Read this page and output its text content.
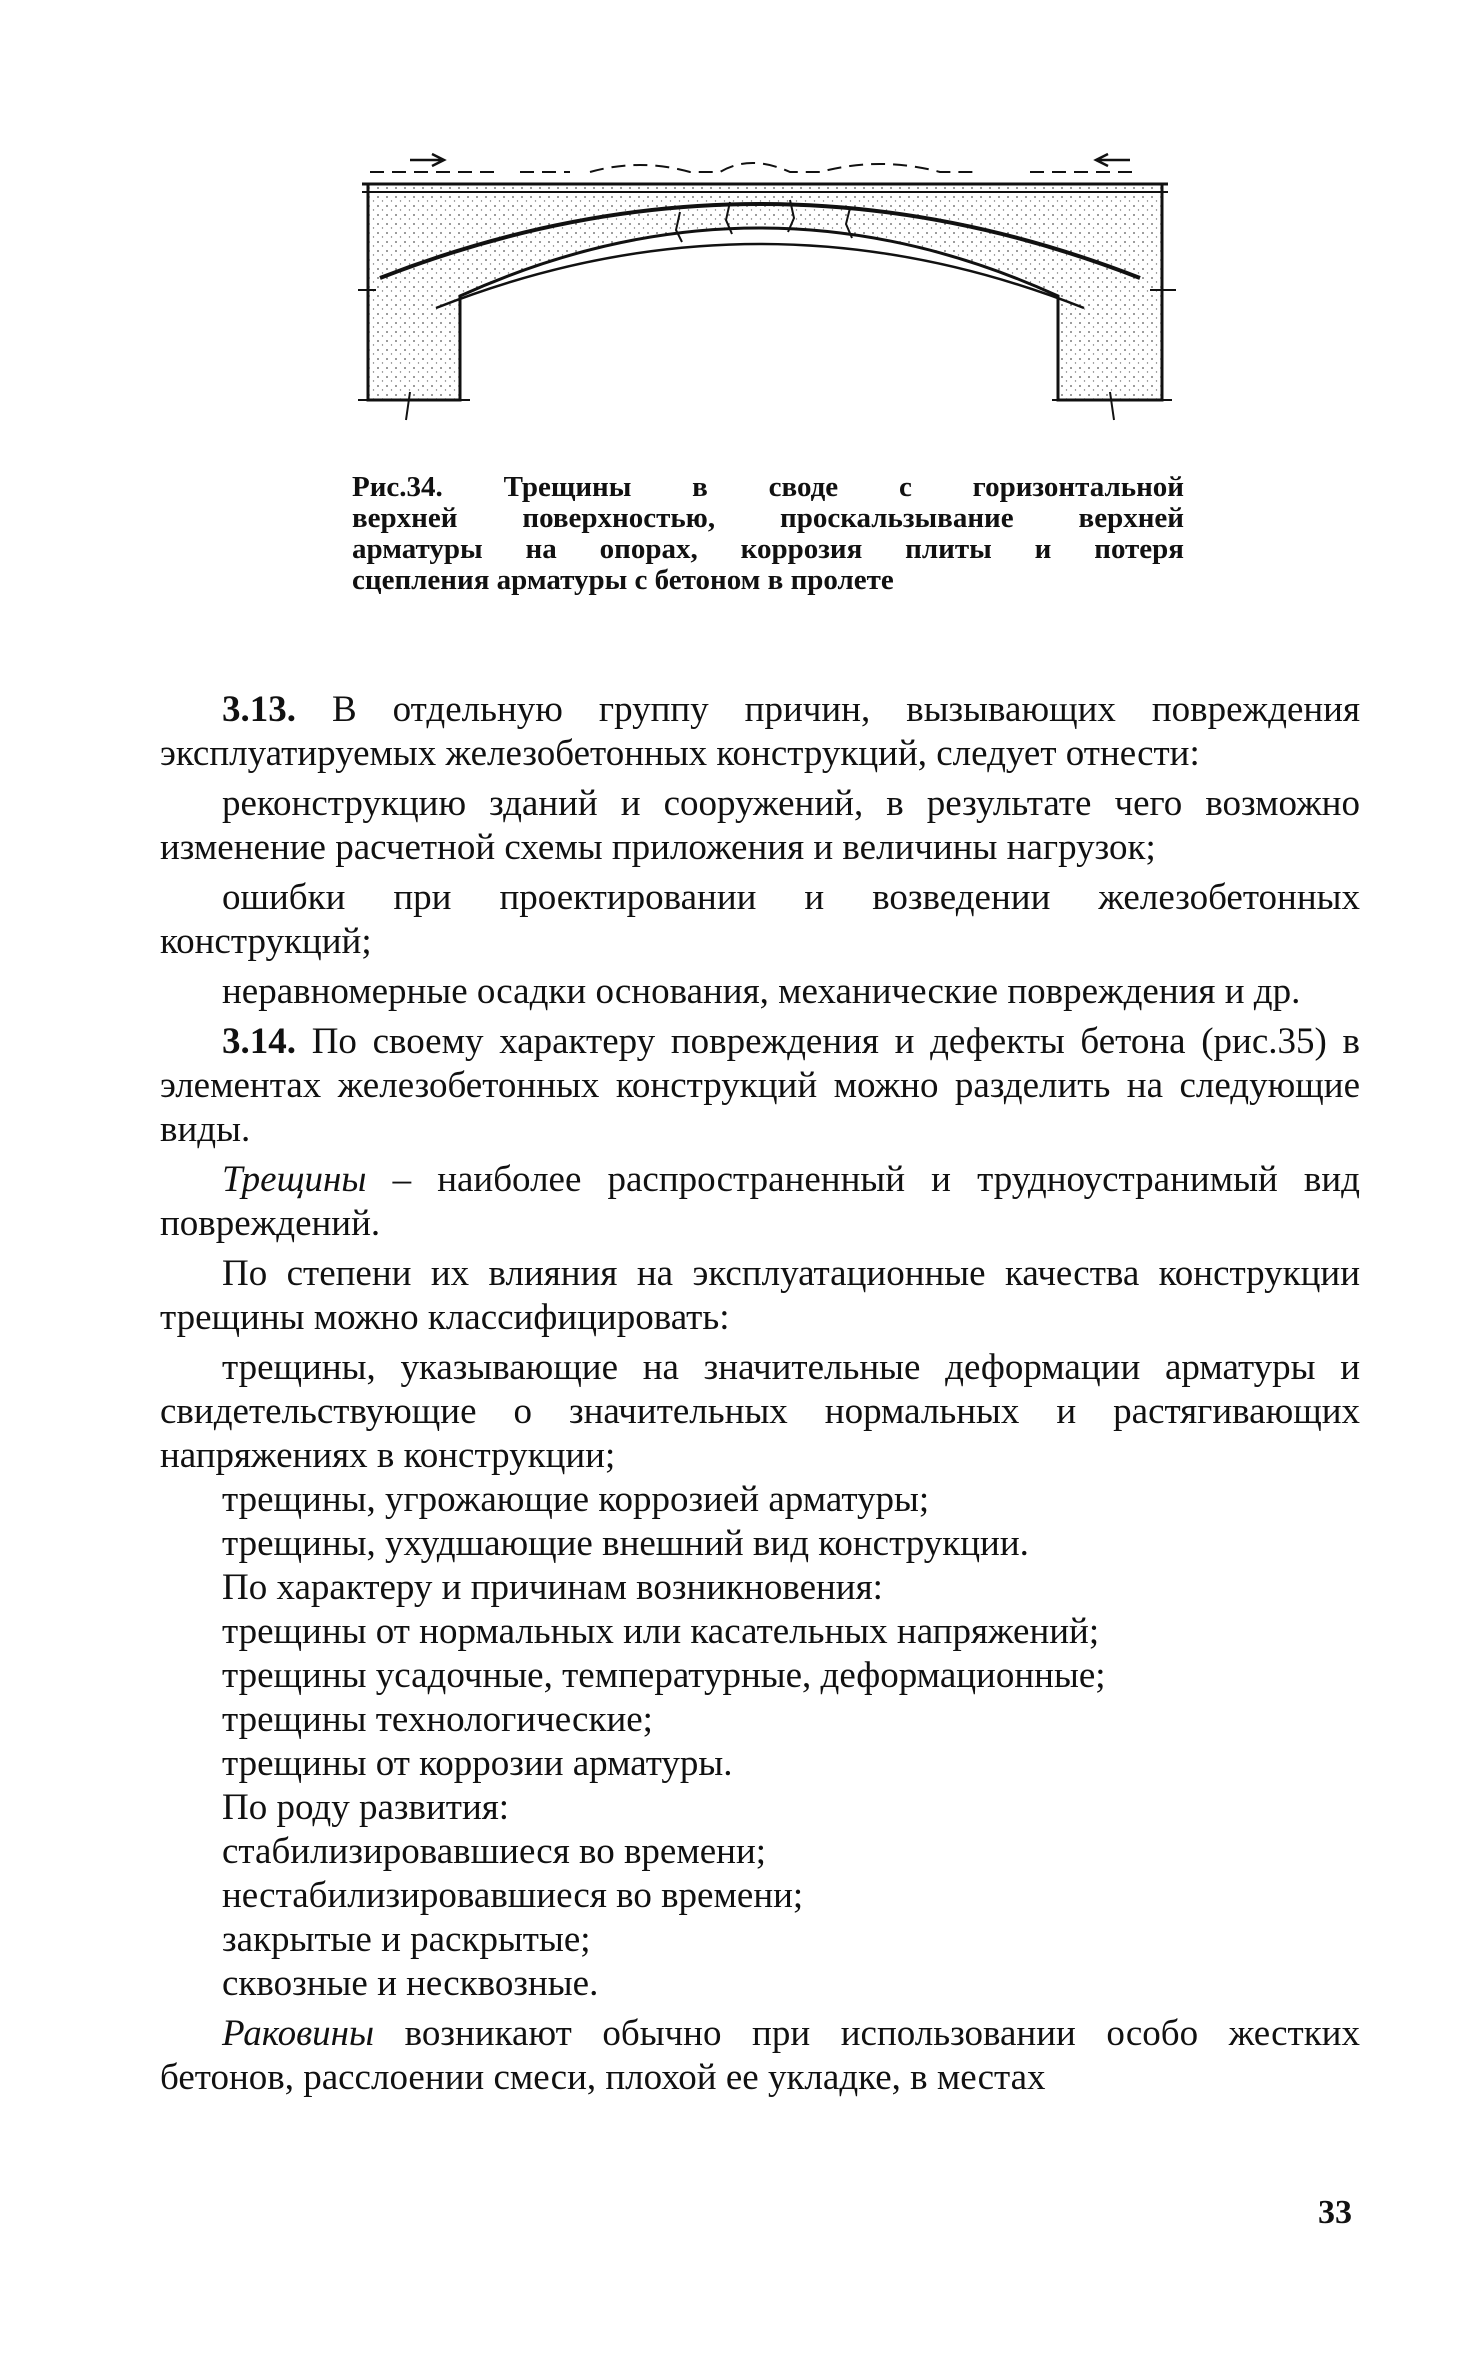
Рис.34. Трещины в своде с горизонтальной
верхней поверхностью, проскальзывание верхней
арматуры на опорах, коррозия плиты и потеря
сцепления арматуры с бетоном в пролете

3.13. В отдельную группу причин, вызывающих повреждения эксплуатируемых железобетонных конструкций, следует отнести:

реконструкцию зданий и сооружений, в результате чего возможно изменение расчетной схемы приложения и величины нагрузок;

ошибки при проектировании и возведении железобетонных конструкций;

неравномерные осадки основания, механические повреждения и др.

3.14. По своему характеру повреждения и дефекты бетона (рис.35) в элементах железобетонных конструкций можно разделить на следующие виды.

Трещины – наиболее распространенный и трудноустранимый вид повреждений.

По степени их влияния на эксплуатационные качества конструкции трещины можно классифицировать:

трещины, указывающие на значительные деформации арматуры и свидетельствующие о значительных нормальных и растягивающих напряжениях в конструкции;

трещины, угрожающие коррозией арматуры;

трещины, ухудшающие внешний вид конструкции.

По характеру и причинам возникновения:

трещины от нормальных или касательных напряжений;

трещины усадочные, температурные, деформационные;

трещины технологические;

трещины от коррозии арматуры.

По роду развития:

стабилизировавшиеся во времени;

нестабилизировавшиеся во времени;

закрытые и раскрытые;

сквозные и несквозные.

Раковины возникают обычно при использовании особо жестких бетонов, расслоении смеси, плохой ее укладке, в местах

33
